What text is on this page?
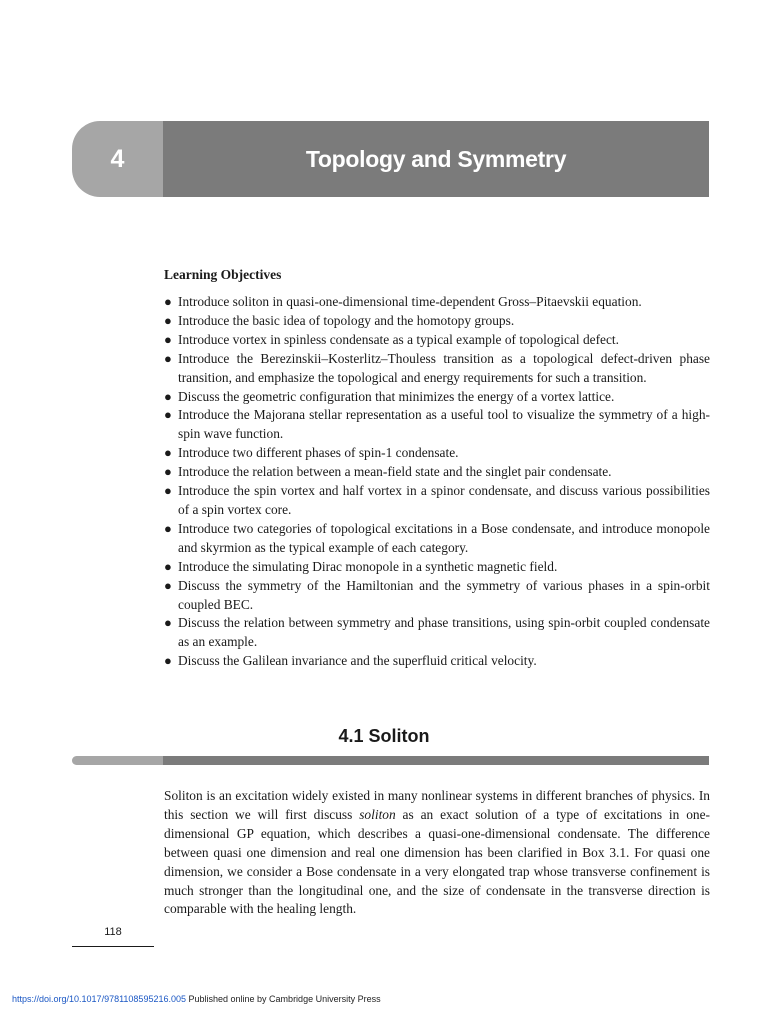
4	Topology and Symmetry
Learning Objectives
● Introduce soliton in quasi-one-dimensional time-dependent Gross–Pitaevskii equation.
● Introduce the basic idea of topology and the homotopy groups.
● Introduce vortex in spinless condensate as a typical example of topological defect.
● Introduce the Berezinskii–Kosterlitz–Thouless transition as a topological defect-driven phase transition, and emphasize the topological and energy requirements for such a transition.
● Discuss the geometric configuration that minimizes the energy of a vortex lattice.
● Introduce the Majorana stellar representation as a useful tool to visualize the symmetry of a high-spin wave function.
● Introduce two different phases of spin-1 condensate.
● Introduce the relation between a mean-field state and the singlet pair condensate.
● Introduce the spin vortex and half vortex in a spinor condensate, and discuss various possibilities of a spin vortex core.
● Introduce two categories of topological excitations in a Bose condensate, and introduce monopole and skyrmion as the typical example of each category.
● Introduce the simulating Dirac monopole in a synthetic magnetic field.
● Discuss the symmetry of the Hamiltonian and the symmetry of various phases in a spin-orbit coupled BEC.
● Discuss the relation between symmetry and phase transitions, using spin-orbit coupled condensate as an example.
● Discuss the Galilean invariance and the superfluid critical velocity.
4.1 Soliton

Soliton is an excitation widely existed in many nonlinear systems in different branches of physics. In this section we will first discuss soliton as an exact solution of a type of excitations in one-dimensional GP equation, which describes a quasi-one-dimensional condensate. The difference between quasi one dimension and real one dimension has been clarified in Box 3.1. For quasi one dimension, we consider a Bose condensate in a very elongated trap whose transverse confinement is much stronger than the longitudinal one, and the size of condensate in the transverse direction is comparable with the healing length.

118
https://doi.org/10.1017/9781108595216.005 Published online by Cambridge University Press
